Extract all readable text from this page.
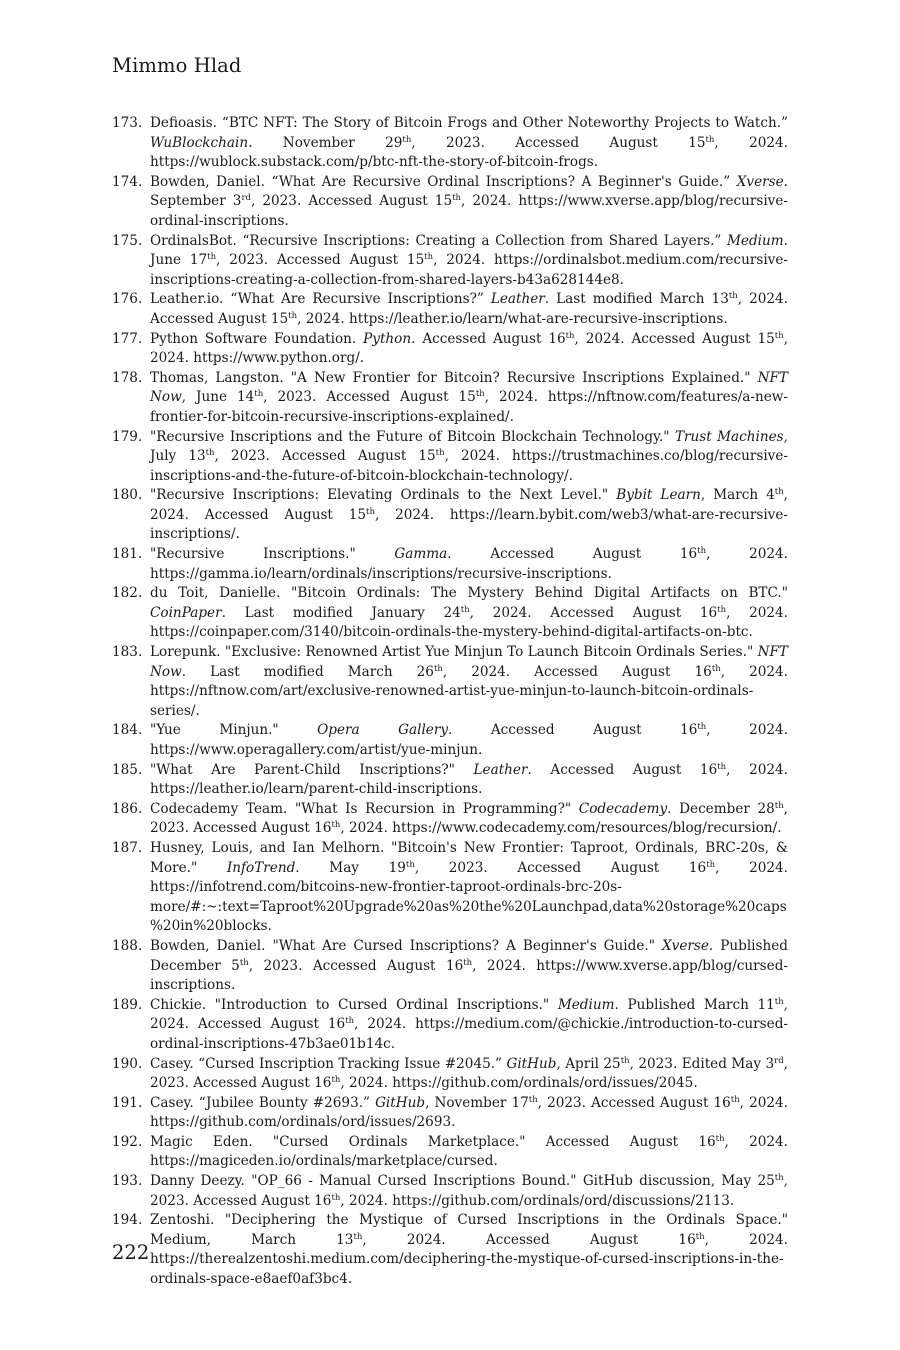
Mimmo Hlad
173. Defioasis. “BTC NFT: The Story of Bitcoin Frogs and Other Noteworthy Projects to Watch.” WuBlockchain. November 29th, 2023. Accessed August 15th, 2024. https://wublock.substack.com/p/btc-nft-the-story-of-bitcoin-frogs.
174. Bowden, Daniel. “What Are Recursive Ordinal Inscriptions? A Beginner's Guide.” Xverse. September 3rd, 2023. Accessed August 15th, 2024. https://www.xverse.app/blog/recursive-ordinal-inscriptions.
175. OrdinalsBot. “Recursive Inscriptions: Creating a Collection from Shared Layers.” Medium. June 17th, 2023. Accessed August 15th, 2024. https://ordinalsbot.medium.com/recursive-inscriptions-creating-a-collection-from-shared-layers-b43a628144e8.
176. Leather.io. “What Are Recursive Inscriptions?” Leather. Last modified March 13th, 2024. Accessed August 15th, 2024. https://leather.io/learn/what-are-recursive-inscriptions.
177. Python Software Foundation. Python. Accessed August 16th, 2024. Accessed August 15th, 2024. https://www.python.org/.
178. Thomas, Langston. "A New Frontier for Bitcoin? Recursive Inscriptions Explained." NFT Now, June 14th, 2023. Accessed August 15th, 2024. https://nftnow.com/features/a-new-frontier-for-bitcoin-recursive-inscriptions-explained/.
179. "Recursive Inscriptions and the Future of Bitcoin Blockchain Technology." Trust Machines, July 13th, 2023. Accessed August 15th, 2024. https://trustmachines.co/blog/recursive-inscriptions-and-the-future-of-bitcoin-blockchain-technology/.
180. "Recursive Inscriptions: Elevating Ordinals to the Next Level." Bybit Learn, March 4th, 2024. Accessed August 15th, 2024. https://learn.bybit.com/web3/what-are-recursive-inscriptions/.
181. "Recursive Inscriptions." Gamma. Accessed August 16th, 2024. https://gamma.io/learn/ordinals/inscriptions/recursive-inscriptions.
182. du Toit, Danielle. "Bitcoin Ordinals: The Mystery Behind Digital Artifacts on BTC." CoinPaper. Last modified January 24th, 2024. Accessed August 16th, 2024. https://coinpaper.com/3140/bitcoin-ordinals-the-mystery-behind-digital-artifacts-on-btc.
183. Lorepunk. "Exclusive: Renowned Artist Yue Minjun To Launch Bitcoin Ordinals Series." NFT Now. Last modified March 26th, 2024. Accessed August 16th, 2024. https://nftnow.com/art/exclusive-renowned-artist-yue-minjun-to-launch-bitcoin-ordinals-series/.
184. "Yue Minjun." Opera Gallery. Accessed August 16th, 2024. https://www.operagallery.com/artist/yue-minjun.
185. "What Are Parent-Child Inscriptions?" Leather. Accessed August 16th, 2024. https://leather.io/learn/parent-child-inscriptions.
186. Codecademy Team. "What Is Recursion in Programming?" Codecademy. December 28th, 2023. Accessed August 16th, 2024. https://www.codecademy.com/resources/blog/recursion/.
187. Husney, Louis, and Ian Melhorn. "Bitcoin's New Frontier: Taproot, Ordinals, BRC-20s, & More." InfoTrend. May 19th, 2023. Accessed August 16th, 2024. https://infotrend.com/bitcoins-new-frontier-taproot-ordinals-brc-20s-more/#:~:text=Taproot%20Upgrade%20as%20the%20Launchpad,data%20storage%20caps%20in%20blocks.
188. Bowden, Daniel. "What Are Cursed Inscriptions? A Beginner's Guide." Xverse. Published December 5th, 2023. Accessed August 16th, 2024. https://www.xverse.app/blog/cursed-inscriptions.
189. Chickie. "Introduction to Cursed Ordinal Inscriptions." Medium. Published March 11th, 2024. Accessed August 16th, 2024. https://medium.com/@chickie./introduction-to-cursed-ordinal-inscriptions-47b3ae01b14c.
190. Casey. “Cursed Inscription Tracking Issue #2045.” GitHub, April 25th, 2023. Edited May 3rd, 2023. Accessed August 16th, 2024. https://github.com/ordinals/ord/issues/2045.
191. Casey. “Jubilee Bounty #2693.” GitHub, November 17th, 2023. Accessed August 16th, 2024. https://github.com/ordinals/ord/issues/2693.
192. Magic Eden. "Cursed Ordinals Marketplace." Accessed August 16th, 2024. https://magiceden.io/ordinals/marketplace/cursed.
193. Danny Deezy. "OP_66 - Manual Cursed Inscriptions Bound." GitHub discussion, May 25th, 2023. Accessed August 16th, 2024. https://github.com/ordinals/ord/discussions/2113.
194. Zentoshi. "Deciphering the Mystique of Cursed Inscriptions in the Ordinals Space." Medium, March 13th, 2024. Accessed August 16th, 2024. https://therealzentoshi.medium.com/deciphering-the-mystique-of-cursed-inscriptions-in-the-ordinals-space-e8aef0af3bc4.
222
